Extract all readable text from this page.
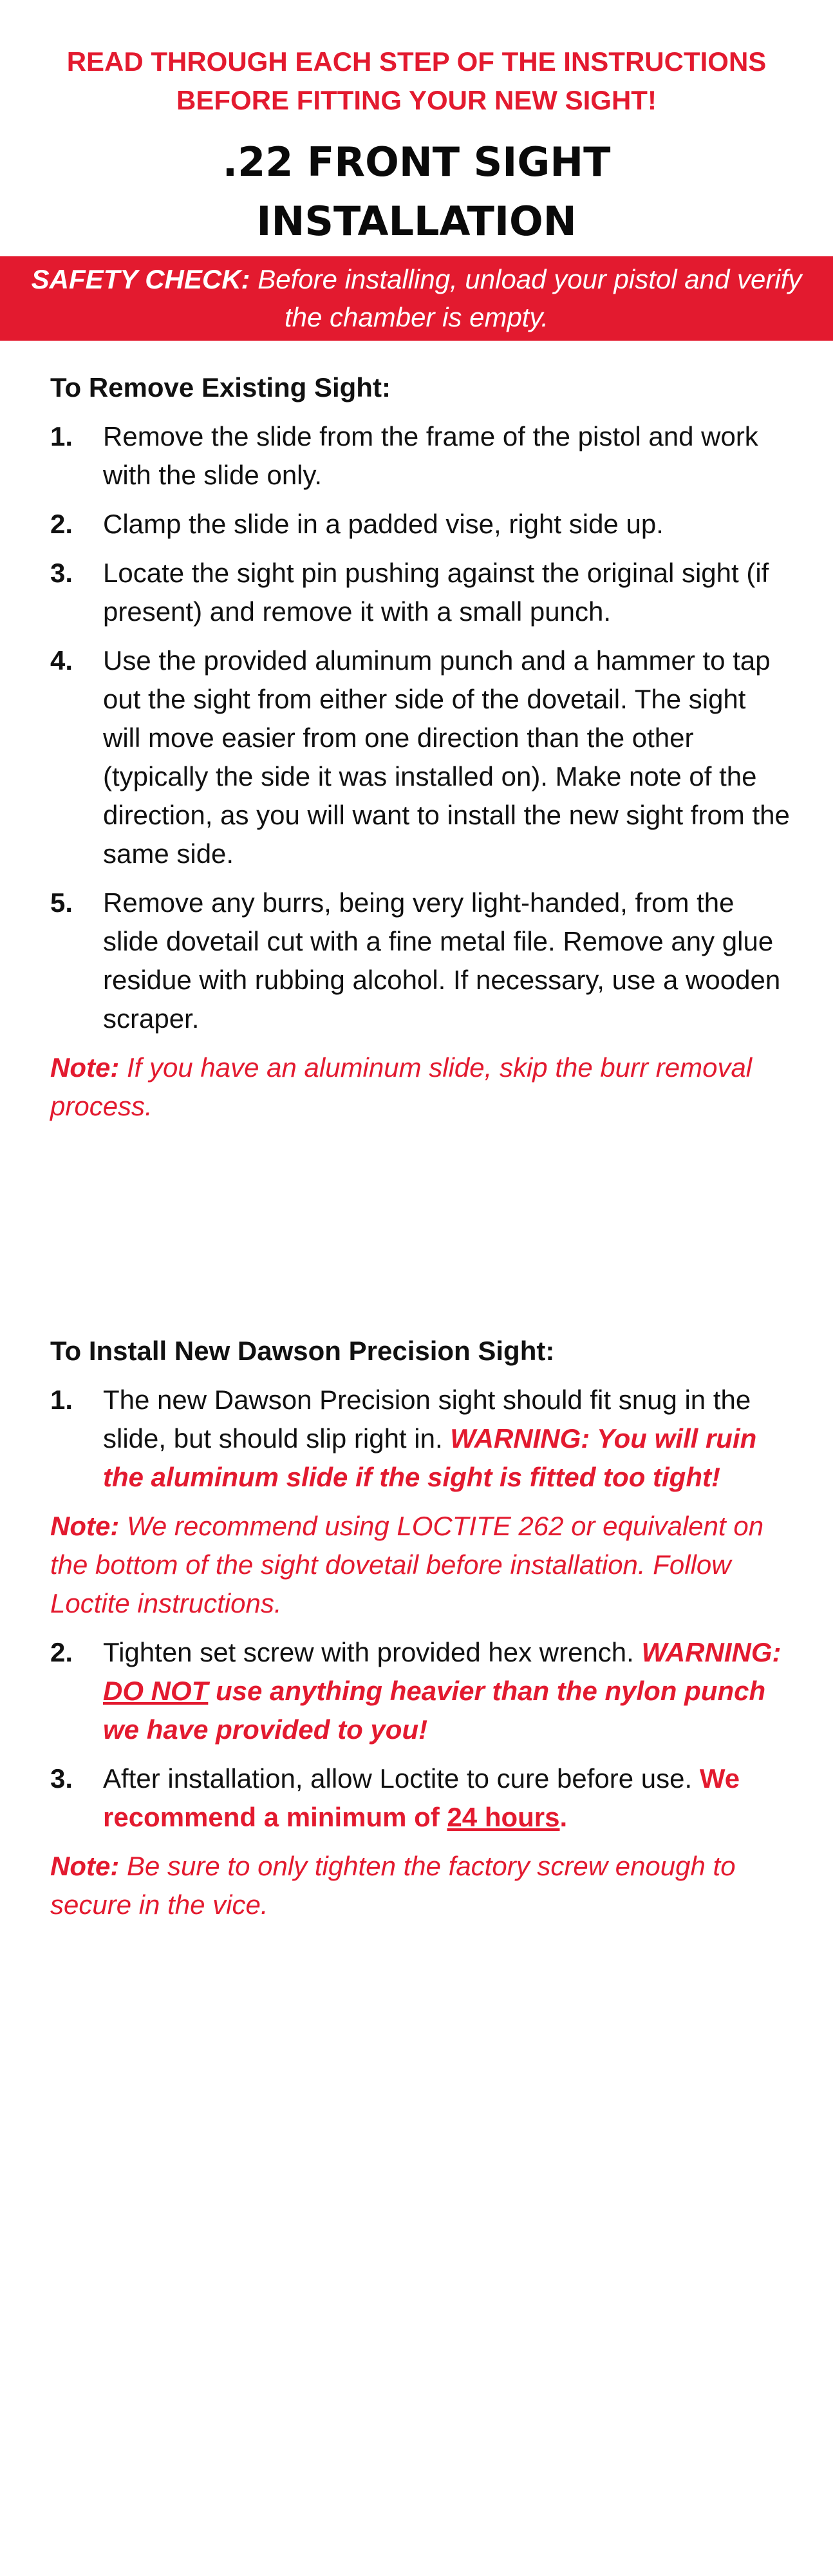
READ THROUGH EACH STEP OF THE INSTRUCTIONS
BEFORE FITTING YOUR NEW SIGHT!
.22 FRONT SIGHT
INSTALLATION
SAFETY CHECK: Before installing, unload your pistol and verify the chamber is empty.
To Remove Existing Sight:
1.	Remove the slide from the frame of the pistol and work with the slide only.
2.	Clamp the slide in a padded vise, right side up.
3.	Locate the sight pin pushing against the original sight (if present) and remove it with a small punch.
4.	Use the provided aluminum punch and a hammer to tap out the sight from either side of the dovetail. The sight will move easier from one direction than the other (typically the side it was installed on). Make note of the direction, as you will want to install the new sight from the same side.
5.	Remove any burrs, being very light-handed, from the slide dovetail cut with a fine metal file. Remove any glue residue with rubbing alcohol. If necessary, use a wooden scraper.
Note: If you have an aluminum slide, skip the burr removal process.
To Install New Dawson Precision Sight:
1.	The new Dawson Precision sight should fit snug in the slide, but should slip right in. WARNING: You will ruin the aluminum slide if the sight is fitted too tight!
Note: We recommend using LOCTITE 262 or equivalent on the bottom of the sight dovetail before installation. Follow Loctite instructions.
2.	Tighten set screw with provided hex wrench. WARNING: DO NOT use anything heavier than the nylon punch we have provided to you!
3.	After installation, allow Loctite to cure before use. We recommend a minimum of 24 hours.
Note: Be sure to only tighten the factory screw enough to secure in the vice.
